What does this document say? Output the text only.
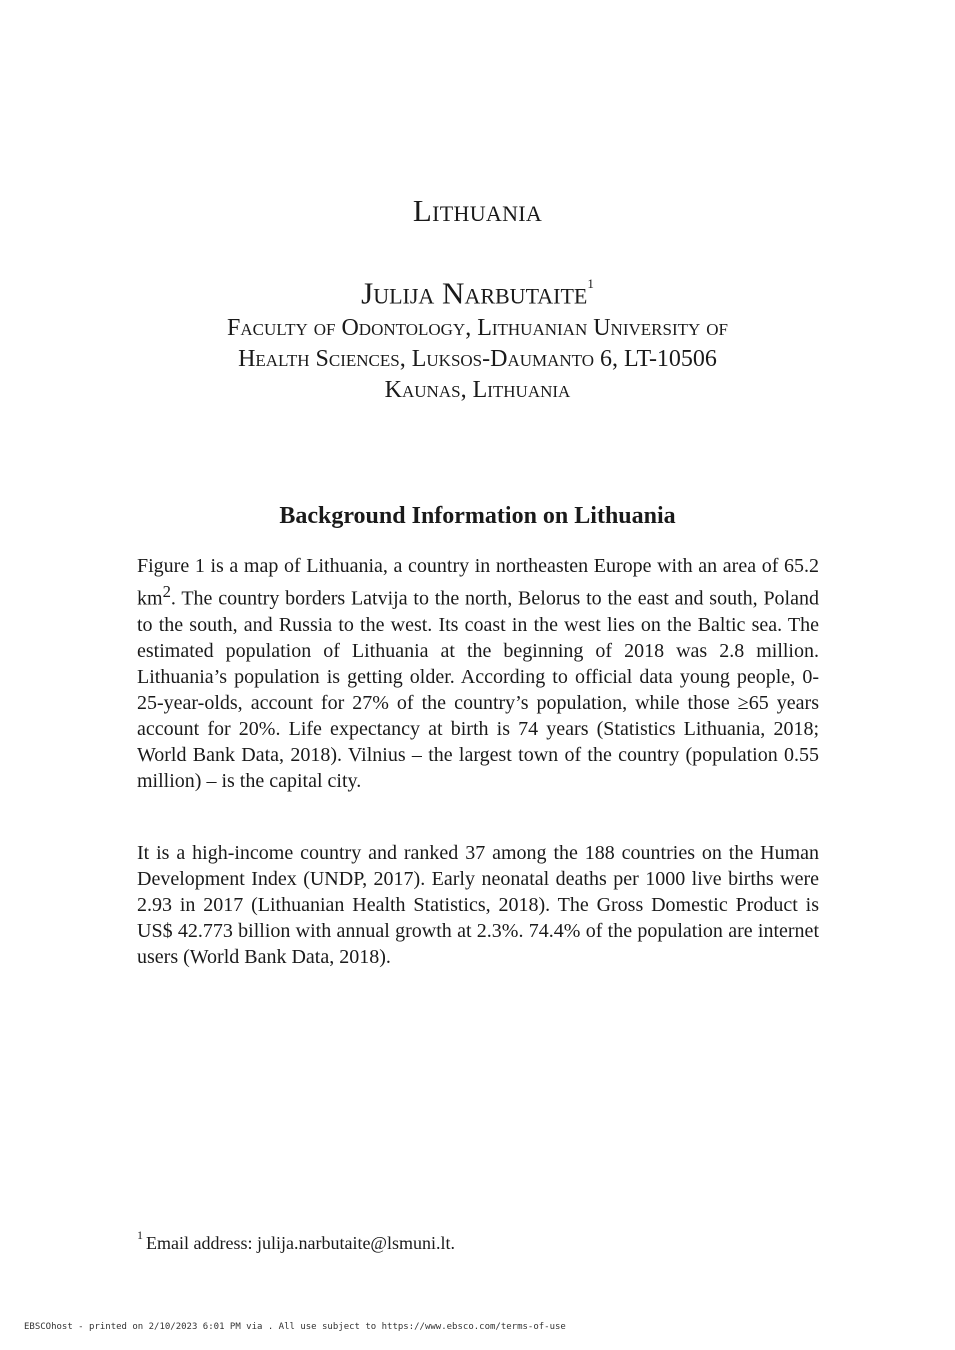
Lithuania
Julija Narbutaite$^1$
Faculty of Odontology, Lithuanian University of
Health Sciences, Luksos-Daumanto 6, LT-10506
Kaunas, Lithuania
Background Information on Lithuania
Figure 1 is a map of Lithuania, a country in northeasten Europe with an area of 65.2 $km^2$. The country borders Latvija to the north, Belorus to the east and south, Poland to the south, and Russia to the west. Its coast in the west lies on the Baltic sea. The estimated population of Lithuania at the beginning of 2018 was 2.8 million. Lithuania’s population is getting older. According to official data young people, 0-25-year-olds, account for 27% of the country’s population, while those ≥65 years account for 20%. Life expectancy at birth is 74 years (Statistics Lithuania, 2018; World Bank Data, 2018). Vilnius – the largest town of the country (population 0.55 million) – is the capital city.
It is a high-income country and ranked 37 among the 188 countries on the Human Development Index (UNDP, 2017). Early neonatal deaths per 1000 live births were 2.93 in 2017 (Lithuanian Health Statistics, 2018). The Gross Domestic Product is US$ 42.773 billion with annual growth at 2.3%. 74.4% of the population are internet users (World Bank Data, 2018).
$^1$ Email address: julija.narbutaite@lsmuni.lt.
EBSCOhost - printed on 2/10/2023 6:01 PM via . All use subject to https://www.ebsco.com/terms-of-use
